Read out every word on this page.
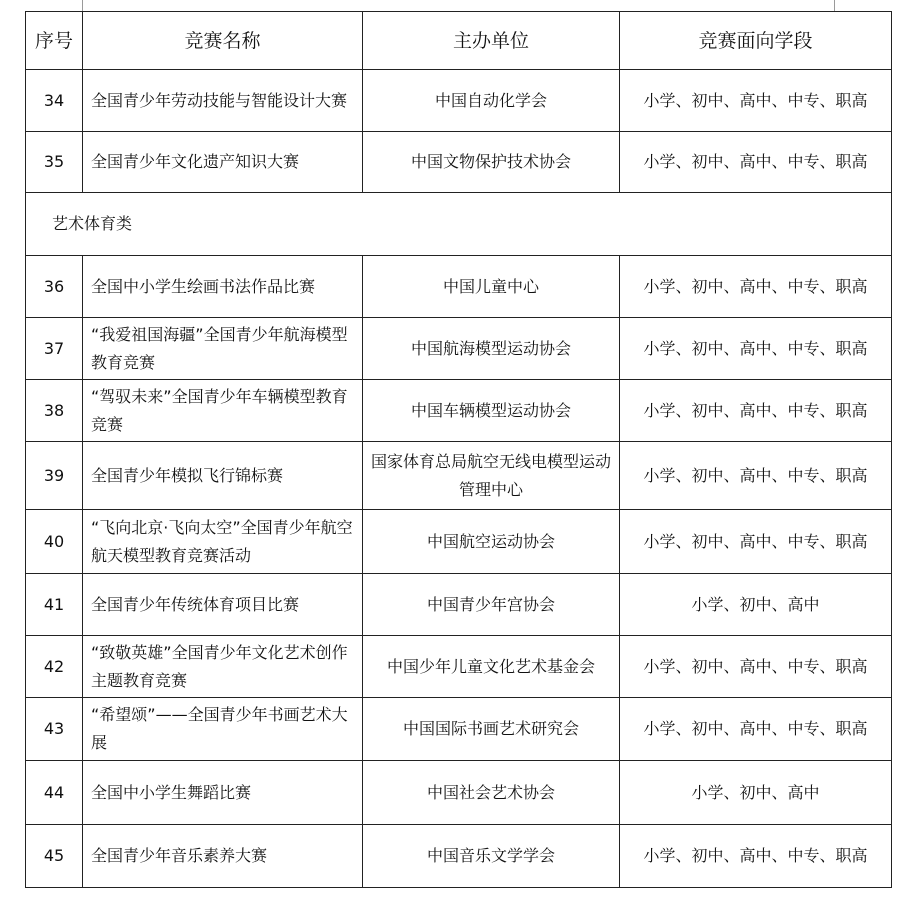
序号	竞赛名称	主办单位	竞赛面向学段
34	全国青少年劳动技能与智能设计大赛	中国自动化学会	小学、初中、高中、中专、职高
35	全国青少年文化遗产知识大赛	中国文物保护技术协会	小学、初中、高中、中专、职高
艺术体育类			
36	全国中小学生绘画书法作品比赛	中国儿童中心	小学、初中、高中、中专、职高
37	“我爱祖国海疆”全国青少年航海模型教育竞赛	中国航海模型运动协会	小学、初中、高中、中专、职高
38	“驾驭未来”全国青少年车辆模型教育竞赛	中国车辆模型运动协会	小学、初中、高中、中专、职高
39	全国青少年模拟飞行锦标赛	国家体育总局航空无线电模型运动管理中心	小学、初中、高中、中专、职高
40	“飞向北京·飞向太空”全国青少年航空航天模型教育竞赛活动	中国航空运动协会	小学、初中、高中、中专、职高
41	全国青少年传统体育项目比赛	中国青少年宫协会	小学、初中、高中
42	“致敬英雄”全国青少年文化艺术创作主题教育竞赛	中国少年儿童文化艺术基金会	小学、初中、高中、中专、职高
43	“希望颂”——全国青少年书画艺术大展	中国国际书画艺术研究会	小学、初中、高中、中专、职高
44	全国中小学生舞蹈比赛	中国社会艺术协会	小学、初中、高中
45	全国青少年音乐素养大赛	中国音乐文学学会	小学、初中、高中、中专、职高
